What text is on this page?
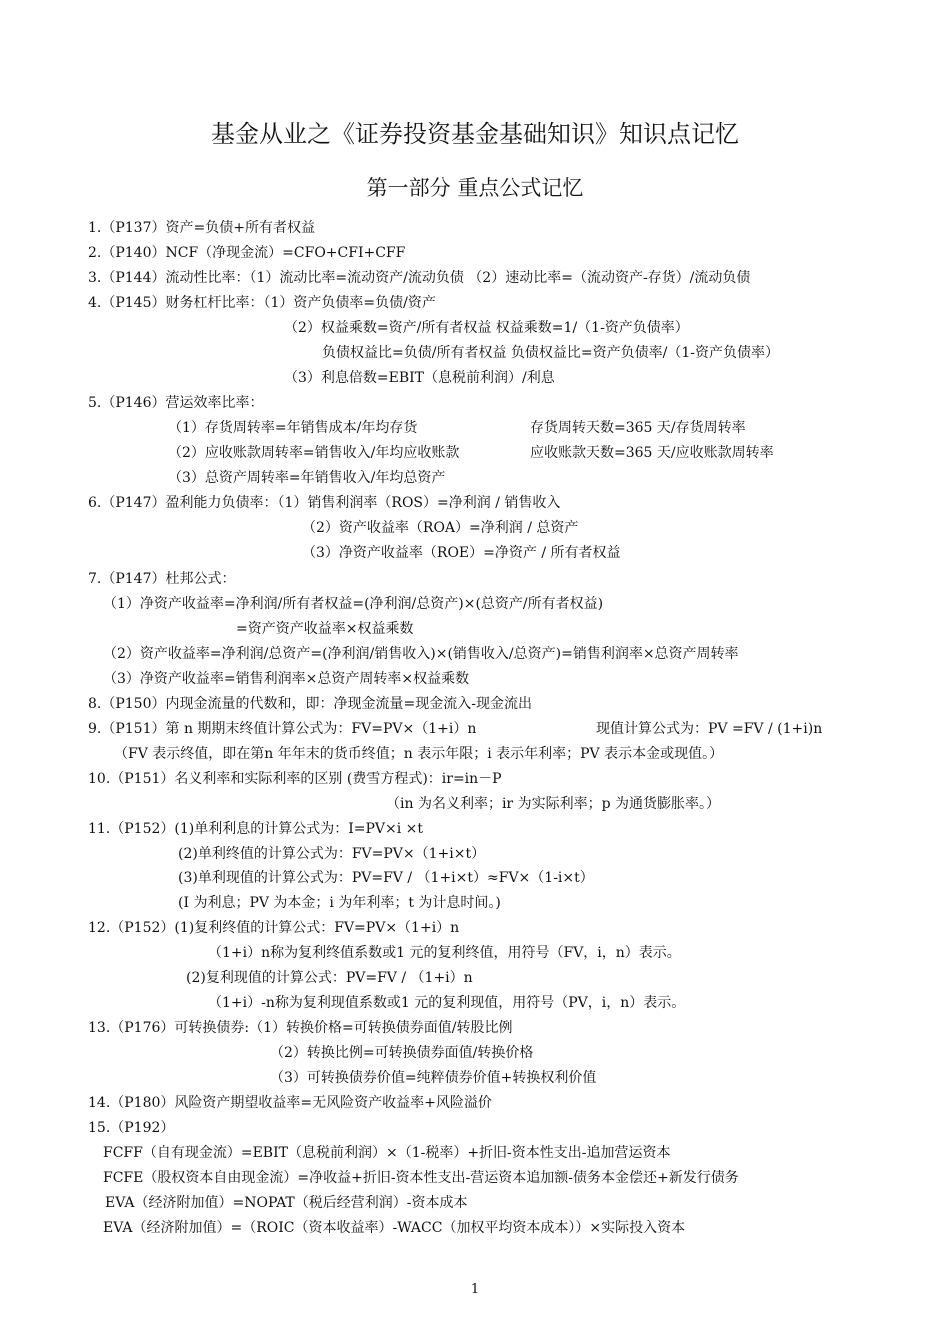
基金从业之《证券投资基金基础知识》知识点记忆
第一部分 重点公式记忆
1.（P137）资产=负债+所有者权益
2.（P140）NCF（净现金流）=CFO+CFI+CFF
3.（P144）流动性比率：（1）流动比率=流动资产/流动负债 （2）速动比率=（流动资产-存货）/流动负债
4.（P145）财务杠杆比率：（1）资产负债率=负债/资产
（2）权益乘数=资产/所有者权益 权益乘数=1/（1-资产负债率）
负债权益比=负债/所有者权益 负债权益比=资产负债率/（1-资产负债率）
（3）利息倍数=EBIT（息税前利润）/利息
5.（P146）营运效率比率：
（1）存货周转率=年销售成本/年均存货	存货周转天数=365 天/存货周转率
（2）应收账款周转率=销售收入/年均应收账款	应收账款天数=365 天/应收账款周转率
（3）总资产周转率=年销售收入/年均总资产
6.（P147）盈利能力负债率：（1）销售利润率（ROS）=净利润 / 销售收入
（2）资产收益率（ROA）=净利润 / 总资产
（3）净资产收益率（ROE）=净资产 / 所有者权益
7.（P147）杜邦公式：
（1）净资产收益率=净利润/所有者权益=(净利润/总资产)×(总资产/所有者权益)
=资产资产收益率×权益乘数
（2）资产收益率=净利润/总资产=(净利润/销售收入)×(销售收入/总资产)=销售利润率×总资产周转率
（3）净资产收益率=销售利润率×总资产周转率×权益乘数
8.（P150）内现金流量的代数和，即：净现金流量=现金流入-现金流出
9.（P151）第 n 期期末终值计算公式为：FV=PV×（1+i）n	现值计算公式为：PV =FV / (1+i)n
（FV 表示终值，即在第n 年年末的货币终值；n 表示年限；i 表示年利率；PV 表示本金或现值。）
10.（P151）名义利率和实际利率的区别 (费雪方程式)：ir=in－P
（in 为名义利率；ir 为实际利率；p 为通货膨胀率。）
11.（P152）(1)单利利息的计算公式为：I=PV×i ×t
(2)单利终值的计算公式为：FV=PV×（1+i×t）
(3)单利现值的计算公式为：PV=FV / （1+i×t）≈FV×（1-i×t）
(I 为利息；PV 为本金；i 为年利率；t 为计息时间。)
12.（P152）(1)复利终值的计算公式：FV=PV×（1+i）n
（1+i）n称为复利终值系数或1 元的复利终值，用符号（FV，i，n）表示。
(2)复利现值的计算公式：PV=FV / （1+i）n
（1+i）-n称为复利现值系数或1 元的复利现值，用符号（PV，i，n）表示。
13.（P176）可转换债券:（1）转换价格=可转换债券面值/转股比例
（2）转换比例=可转换债券面值/转换价格
（3）可转换债券价值=纯粹债券价值+转换权利价值
14.（P180）风险资产期望收益率=无风险资产收益率+风险溢价
15.（P192）
FCFF（自有现金流）=EBIT（息税前利润）×（1-税率）+折旧-资本性支出-追加营运资本
FCFE（股权资本自由现金流）=净收益+折旧-资本性支出-营运资本追加额-债务本金偿还+新发行债务
EVA（经济附加值）=NOPAT（税后经营利润）-资本成本
EVA（经济附加值）=（ROIC（资本收益率）-WACC（加权平均资本成本））×实际投入资本
1
